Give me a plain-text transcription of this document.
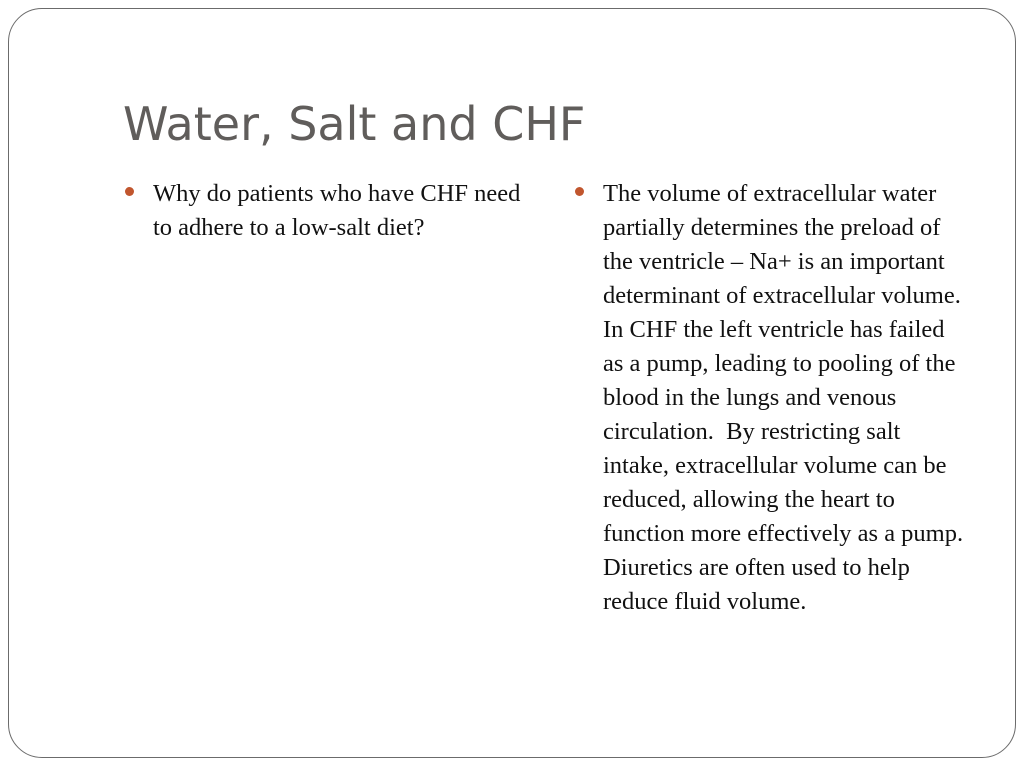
Water, Salt and CHF
Why do patients who have CHF need to adhere to a low-salt diet?
The volume of extracellular water partially determines the preload of the ventricle – Na+ is an important determinant of extracellular volume.  In CHF the left ventricle has failed as a pump, leading to pooling of the blood in the lungs and venous circulation.  By restricting salt intake, extracellular volume can be reduced, allowing the heart to function more effectively as a pump.  Diuretics are often used to help reduce fluid volume.
